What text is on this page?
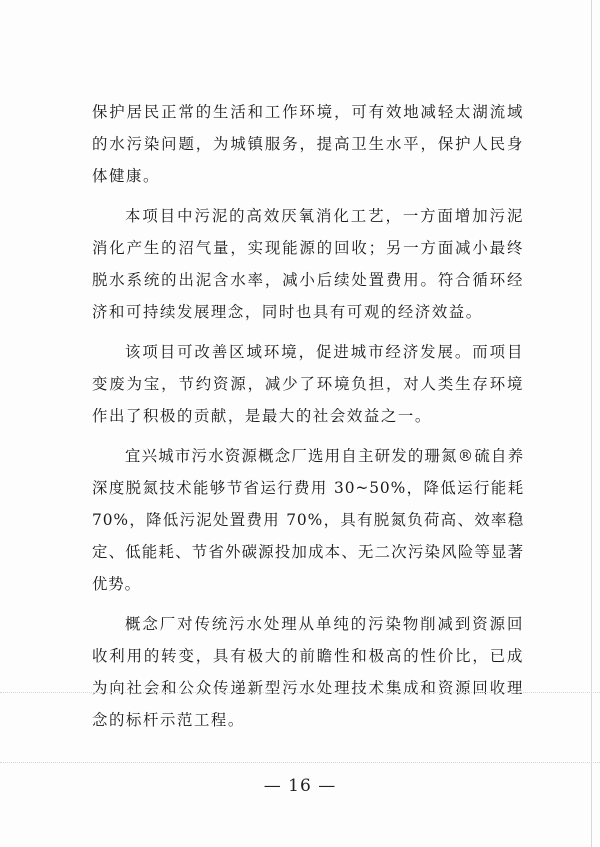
保护居民正常的生活和工作环境，可有效地减轻太湖流域的水污染问题，为城镇服务，提高卫生水平，保护人民身体健康。

本项目中污泥的高效厌氧消化工艺，一方面增加污泥消化产生的沼气量，实现能源的回收；另一方面减小最终脱水系统的出泥含水率，减小后续处置费用。符合循环经济和可持续发展理念，同时也具有可观的经济效益。

该项目可改善区域环境，促进城市经济发展。而项目变废为宝，节约资源，减少了环境负担，对人类生存环境作出了积极的贡献，是最大的社会效益之一。

宜兴城市污水资源概念厂选用自主研发的珊氮®硫自养深度脱氮技术能够节省运行费用 30~50%，降低运行能耗 70%，降低污泥处置费用 70%，具有脱氮负荷高、效率稳定、低能耗、节省外碳源投加成本、无二次污染风险等显著优势。

概念厂对传统污水处理从单纯的污染物削减到资源回收利用的转变，具有极大的前瞻性和极高的性价比，已成为向社会和公众传递新型污水处理技术集成和资源回收理念的标杆示范工程。

— 16 —
